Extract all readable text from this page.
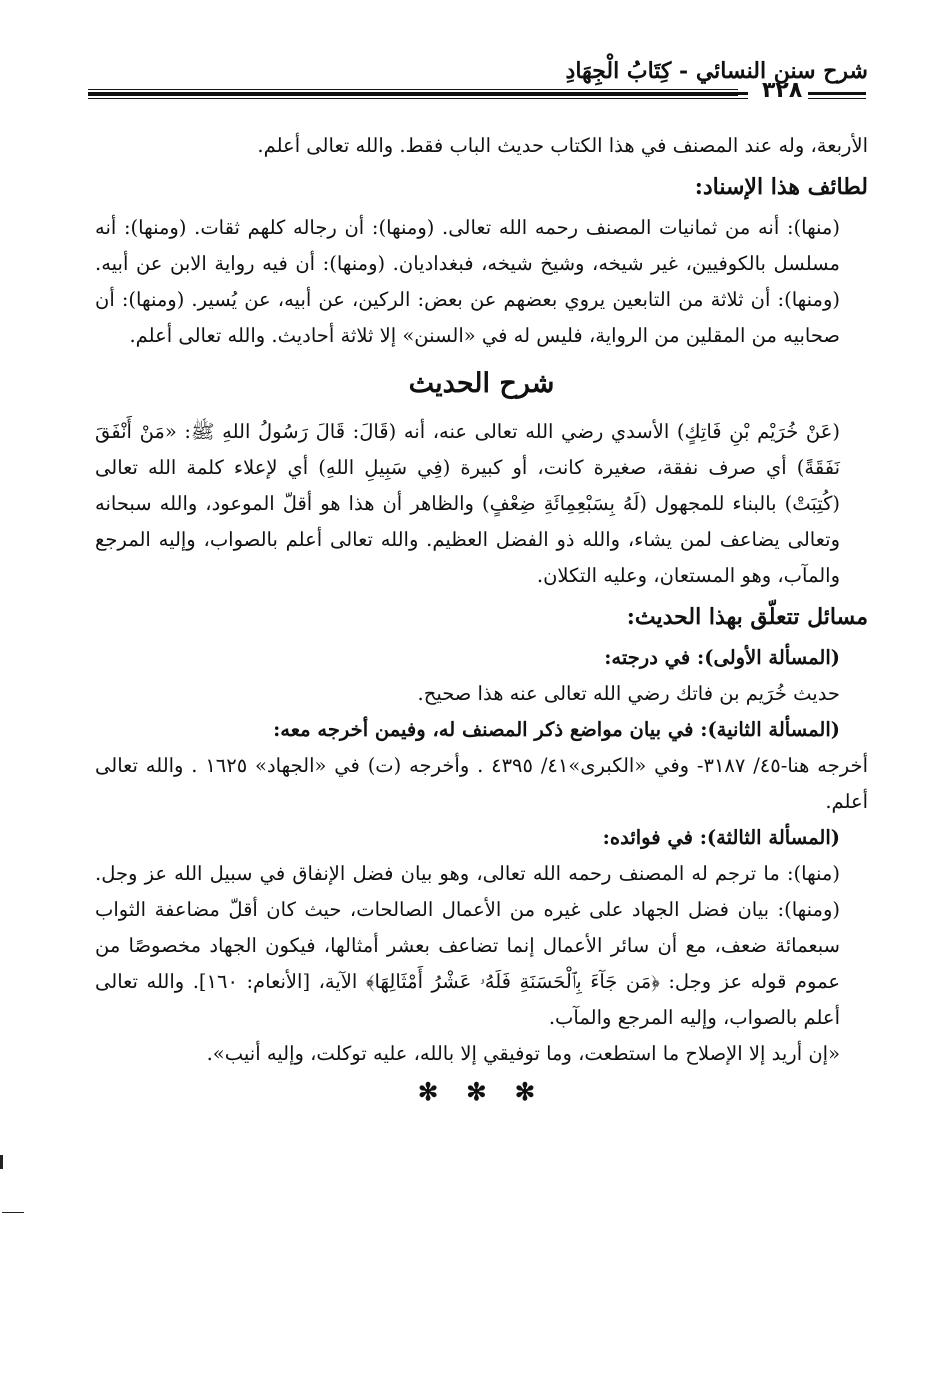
شرح سنن النسائي - كِتَابُ الْجِهَادِ
٣٢٨

الأربعة، وله عند المصنف في هذا الكتاب حديث الباب فقط. والله تعالى أعلم.

لطائف هذا الإسناد:

(منها): أنه من ثمانيات المصنف رحمه الله تعالى. (ومنها): أن رجاله كلهم ثقات. (ومنها): أنه مسلسل بالكوفيين، غير شيخه، وشيخ شيخه، فبغداديان. (ومنها): أن فيه رواية الابن عن أبيه. (ومنها): أن ثلاثة من التابعين يروي بعضهم عن بعض: الركين، عن أبيه، عن يُسير. (ومنها): أن صحابيه من المقلين من الرواية، فليس له في «السنن» إلا ثلاثة أحاديث. والله تعالى أعلم.

شرح الحديث

(عَنْ خُرَيْم بْنِ فَاتِكٍ) الأسدي رضي الله تعالى عنه، أنه (قَالَ: قَالَ رَسُولُ اللهِ ﷺ: «مَنْ أَنْفَقَ نَفَقَةً) أي صرف نفقة، صغيرة كانت، أو كبيرة (فِي سَبِيلِ اللهِ) أي لإعلاء كلمة الله تعالى (كُتِبَتْ) بالبناء للمجهول (لَهُ بِسَبْعِمِائَةِ ضِعْفٍ) والظاهر أن هذا هو أقلّ الموعود، والله سبحانه وتعالى يضاعف لمن يشاء، والله ذو الفضل العظيم. والله تعالى أعلم بالصواب، وإليه المرجع والمآب، وهو المستعان، وعليه التكلان.

مسائل تتعلّق بهذا الحديث:

(المسألة الأولى): في درجته:

حديث خُرَيم بن فاتك رضي الله تعالى عنه هذا صحيح.

(المسألة الثانية): في بيان مواضع ذكر المصنف له، وفيمن أخرجه معه:

أخرجه هنا-٤٥/ ٣١٨٧- وفي «الكبرى»٤١/ ٤٣٩٥ . وأخرجه (ت) في «الجهاد» ١٦٢٥ . والله تعالى أعلم.

(المسألة الثالثة): في فوائده:

(منها): ما ترجم له المصنف رحمه الله تعالى، وهو بيان فضل الإنفاق في سبيل الله عز وجل. (ومنها): بيان فضل الجهاد على غيره من الأعمال الصالحات، حيث كان أقلّ مضاعفة الثواب سبعمائة ضعف، مع أن سائر الأعمال إنما تضاعف بعشر أمثالها، فيكون الجهاد مخصوصًا من عموم قوله عز وجل: ﴿مَن جَآءَ بِٱلْحَسَنَةِ فَلَهُۥ عَشْرُ أَمْثَالِهَا﴾ الآية، [الأنعام: ١٦٠]. والله تعالى أعلم بالصواب، وإليه المرجع والمآب.

«إن أريد إلا الإصلاح ما استطعت، وما توفيقي إلا بالله، عليه توكلت، وإليه أنيب».

✻ ✻ ✻
